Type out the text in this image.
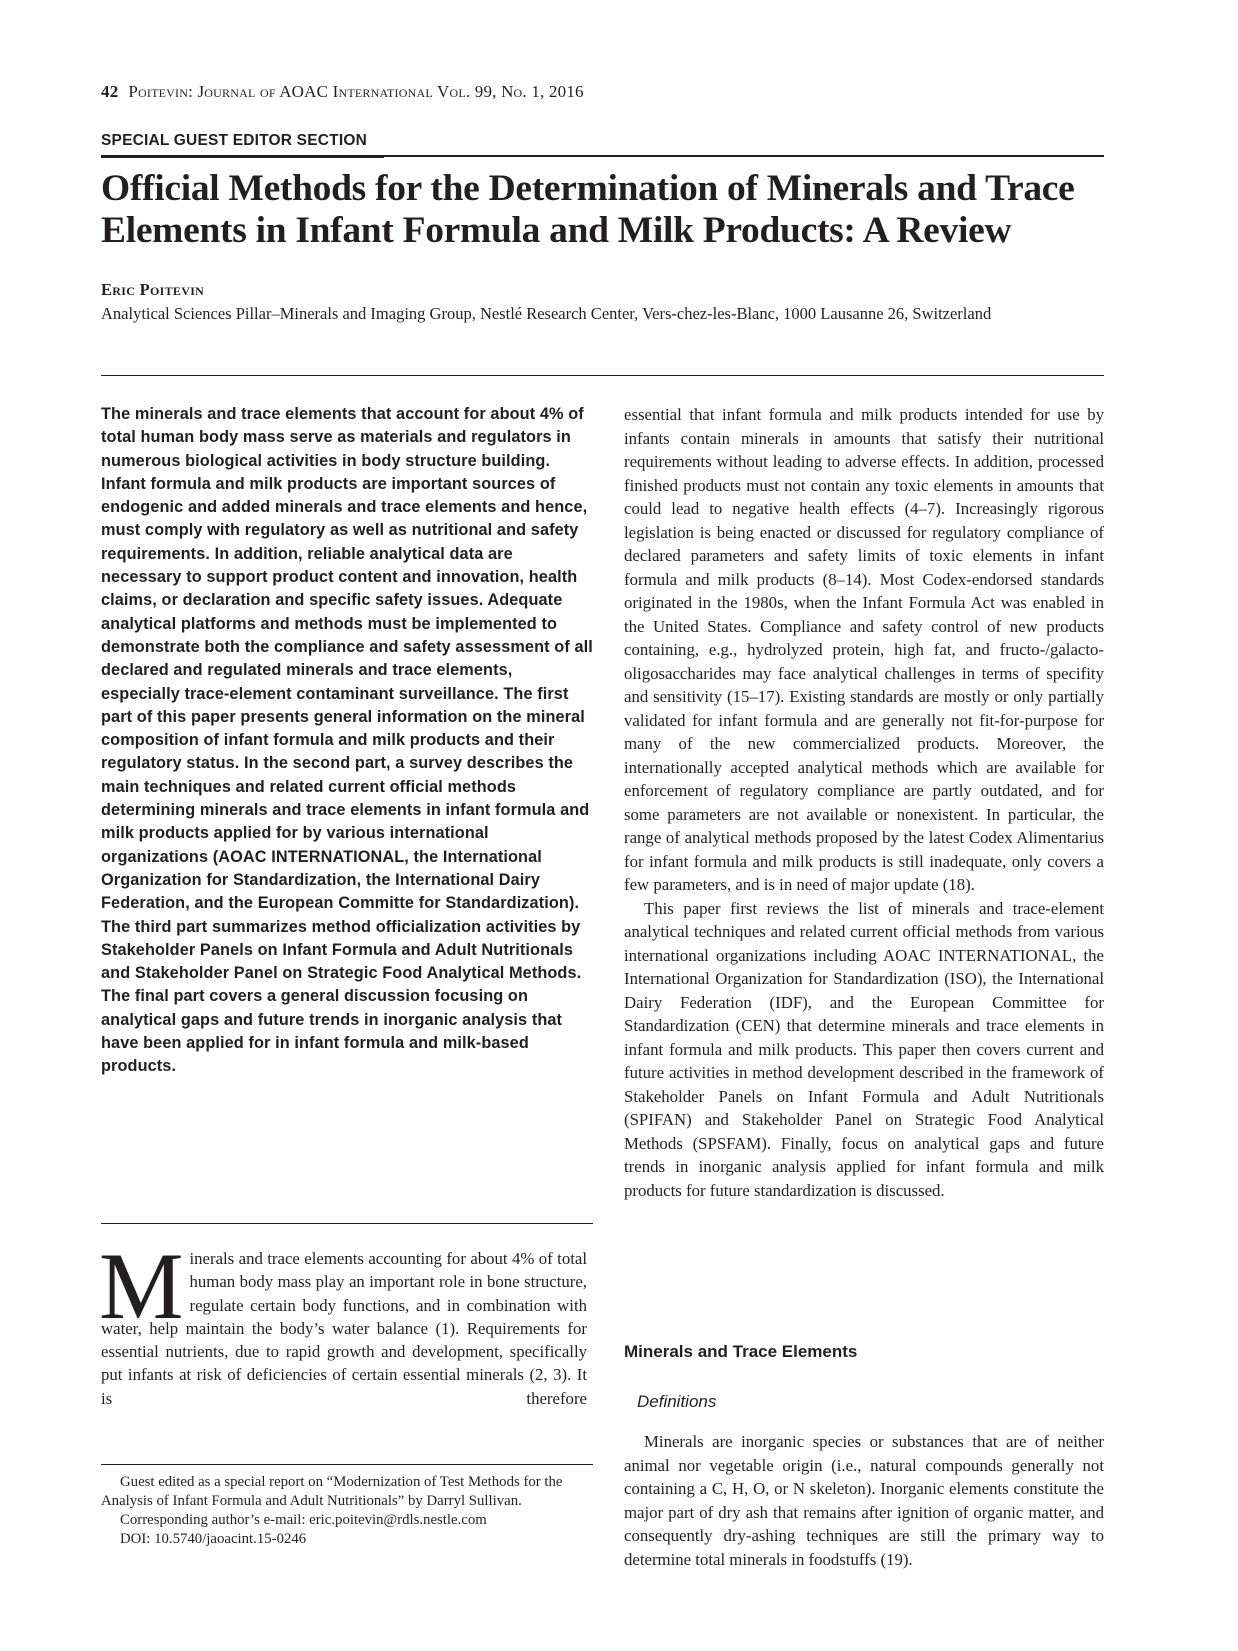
42 Poitevin: Journal of AOAC International Vol. 99, No. 1, 2016
SPECIAL GUEST EDITOR SECTION
Official Methods for the Determination of Minerals and Trace Elements in Infant Formula and Milk Products: A Review
Eric Poitevin
Analytical Sciences Pillar–Minerals and Imaging Group, Nestlé Research Center, Vers-chez-les-Blanc, 1000 Lausanne 26, Switzerland
The minerals and trace elements that account for about 4% of total human body mass serve as materials and regulators in numerous biological activities in body structure building. Infant formula and milk products are important sources of endogenic and added minerals and trace elements and hence, must comply with regulatory as well as nutritional and safety requirements. In addition, reliable analytical data are necessary to support product content and innovation, health claims, or declaration and specific safety issues. Adequate analytical platforms and methods must be implemented to demonstrate both the compliance and safety assessment of all declared and regulated minerals and trace elements, especially trace-element contaminant surveillance. The first part of this paper presents general information on the mineral composition of infant formula and milk products and their regulatory status. In the second part, a survey describes the main techniques and related current official methods determining minerals and trace elements in infant formula and milk products applied for by various international organizations (AOAC INTERNATIONAL, the International Organization for Standardization, the International Dairy Federation, and the European Committe for Standardization). The third part summarizes method officialization activities by Stakeholder Panels on Infant Formula and Adult Nutritionals and Stakeholder Panel on Strategic Food Analytical Methods. The final part covers a general discussion focusing on analytical gaps and future trends in inorganic analysis that have been applied for in infant formula and milk-based products.
Minerals and trace elements accounting for about 4% of total human body mass play an important role in bone structure, regulate certain body functions, and in combination with water, help maintain the body’s water balance (1). Requirements for essential nutrients, due to rapid growth and development, specifically put infants at risk of deficiencies of certain essential minerals (2, 3). It is therefore

Guest edited as a special report on “Modernization of Test Methods for the Analysis of Infant Formula and Adult Nutritionals” by Darryl Sullivan.

Corresponding author’s e-mail: eric.poitevin@rdls.nestle.com

DOI: 10.5740/jaoacint.15-0246

essential that infant formula and milk products intended for use by infants contain minerals in amounts that satisfy their nutritional requirements without leading to adverse effects. In addition, processed finished products must not contain any toxic elements in amounts that could lead to negative health effects (4–7). Increasingly rigorous legislation is being enacted or discussed for regulatory compliance of declared parameters and safety limits of toxic elements in infant formula and milk products (8–14). Most Codex-endorsed standards originated in the 1980s, when the Infant Formula Act was enabled in the United States. Compliance and safety control of new products containing, e.g., hydrolyzed protein, high fat, and fructo-/galacto-oligosaccharides may face analytical challenges in terms of specifity and sensitivity (15–17). Existing standards are mostly or only partially validated for infant formula and are generally not fit-for-purpose for many of the new commercialized products. Moreover, the internationally accepted analytical methods which are available for enforcement of regulatory compliance are partly outdated, and for some parameters are not available or nonexistent. In particular, the range of analytical methods proposed by the latest Codex Alimentarius for infant formula and milk products is still inadequate, only covers a few parameters, and is in need of major update (18).

This paper first reviews the list of minerals and trace-element analytical techniques and related current official methods from various international organizations including AOAC INTERNATIONAL, the International Organization for Standardization (ISO), the International Dairy Federation (IDF), and the European Committee for Standardization (CEN) that determine minerals and trace elements in infant formula and milk products. This paper then covers current and future activities in method development described in the framework of Stakeholder Panels on Infant Formula and Adult Nutritionals (SPIFAN) and Stakeholder Panel on Strategic Food Analytical Methods (SPSFAM). Finally, focus on analytical gaps and future trends in inorganic analysis applied for infant formula and milk products for future standardization is discussed.

Minerals and Trace Elements
Definitions
Minerals are inorganic species or substances that are of neither animal nor vegetable origin (i.e., natural compounds generally not containing a C, H, O, or N skeleton). Inorganic elements constitute the major part of dry ash that remains after ignition of organic matter, and consequently dry-ashing techniques are still the primary way to determine total minerals in foodstuffs (19).
